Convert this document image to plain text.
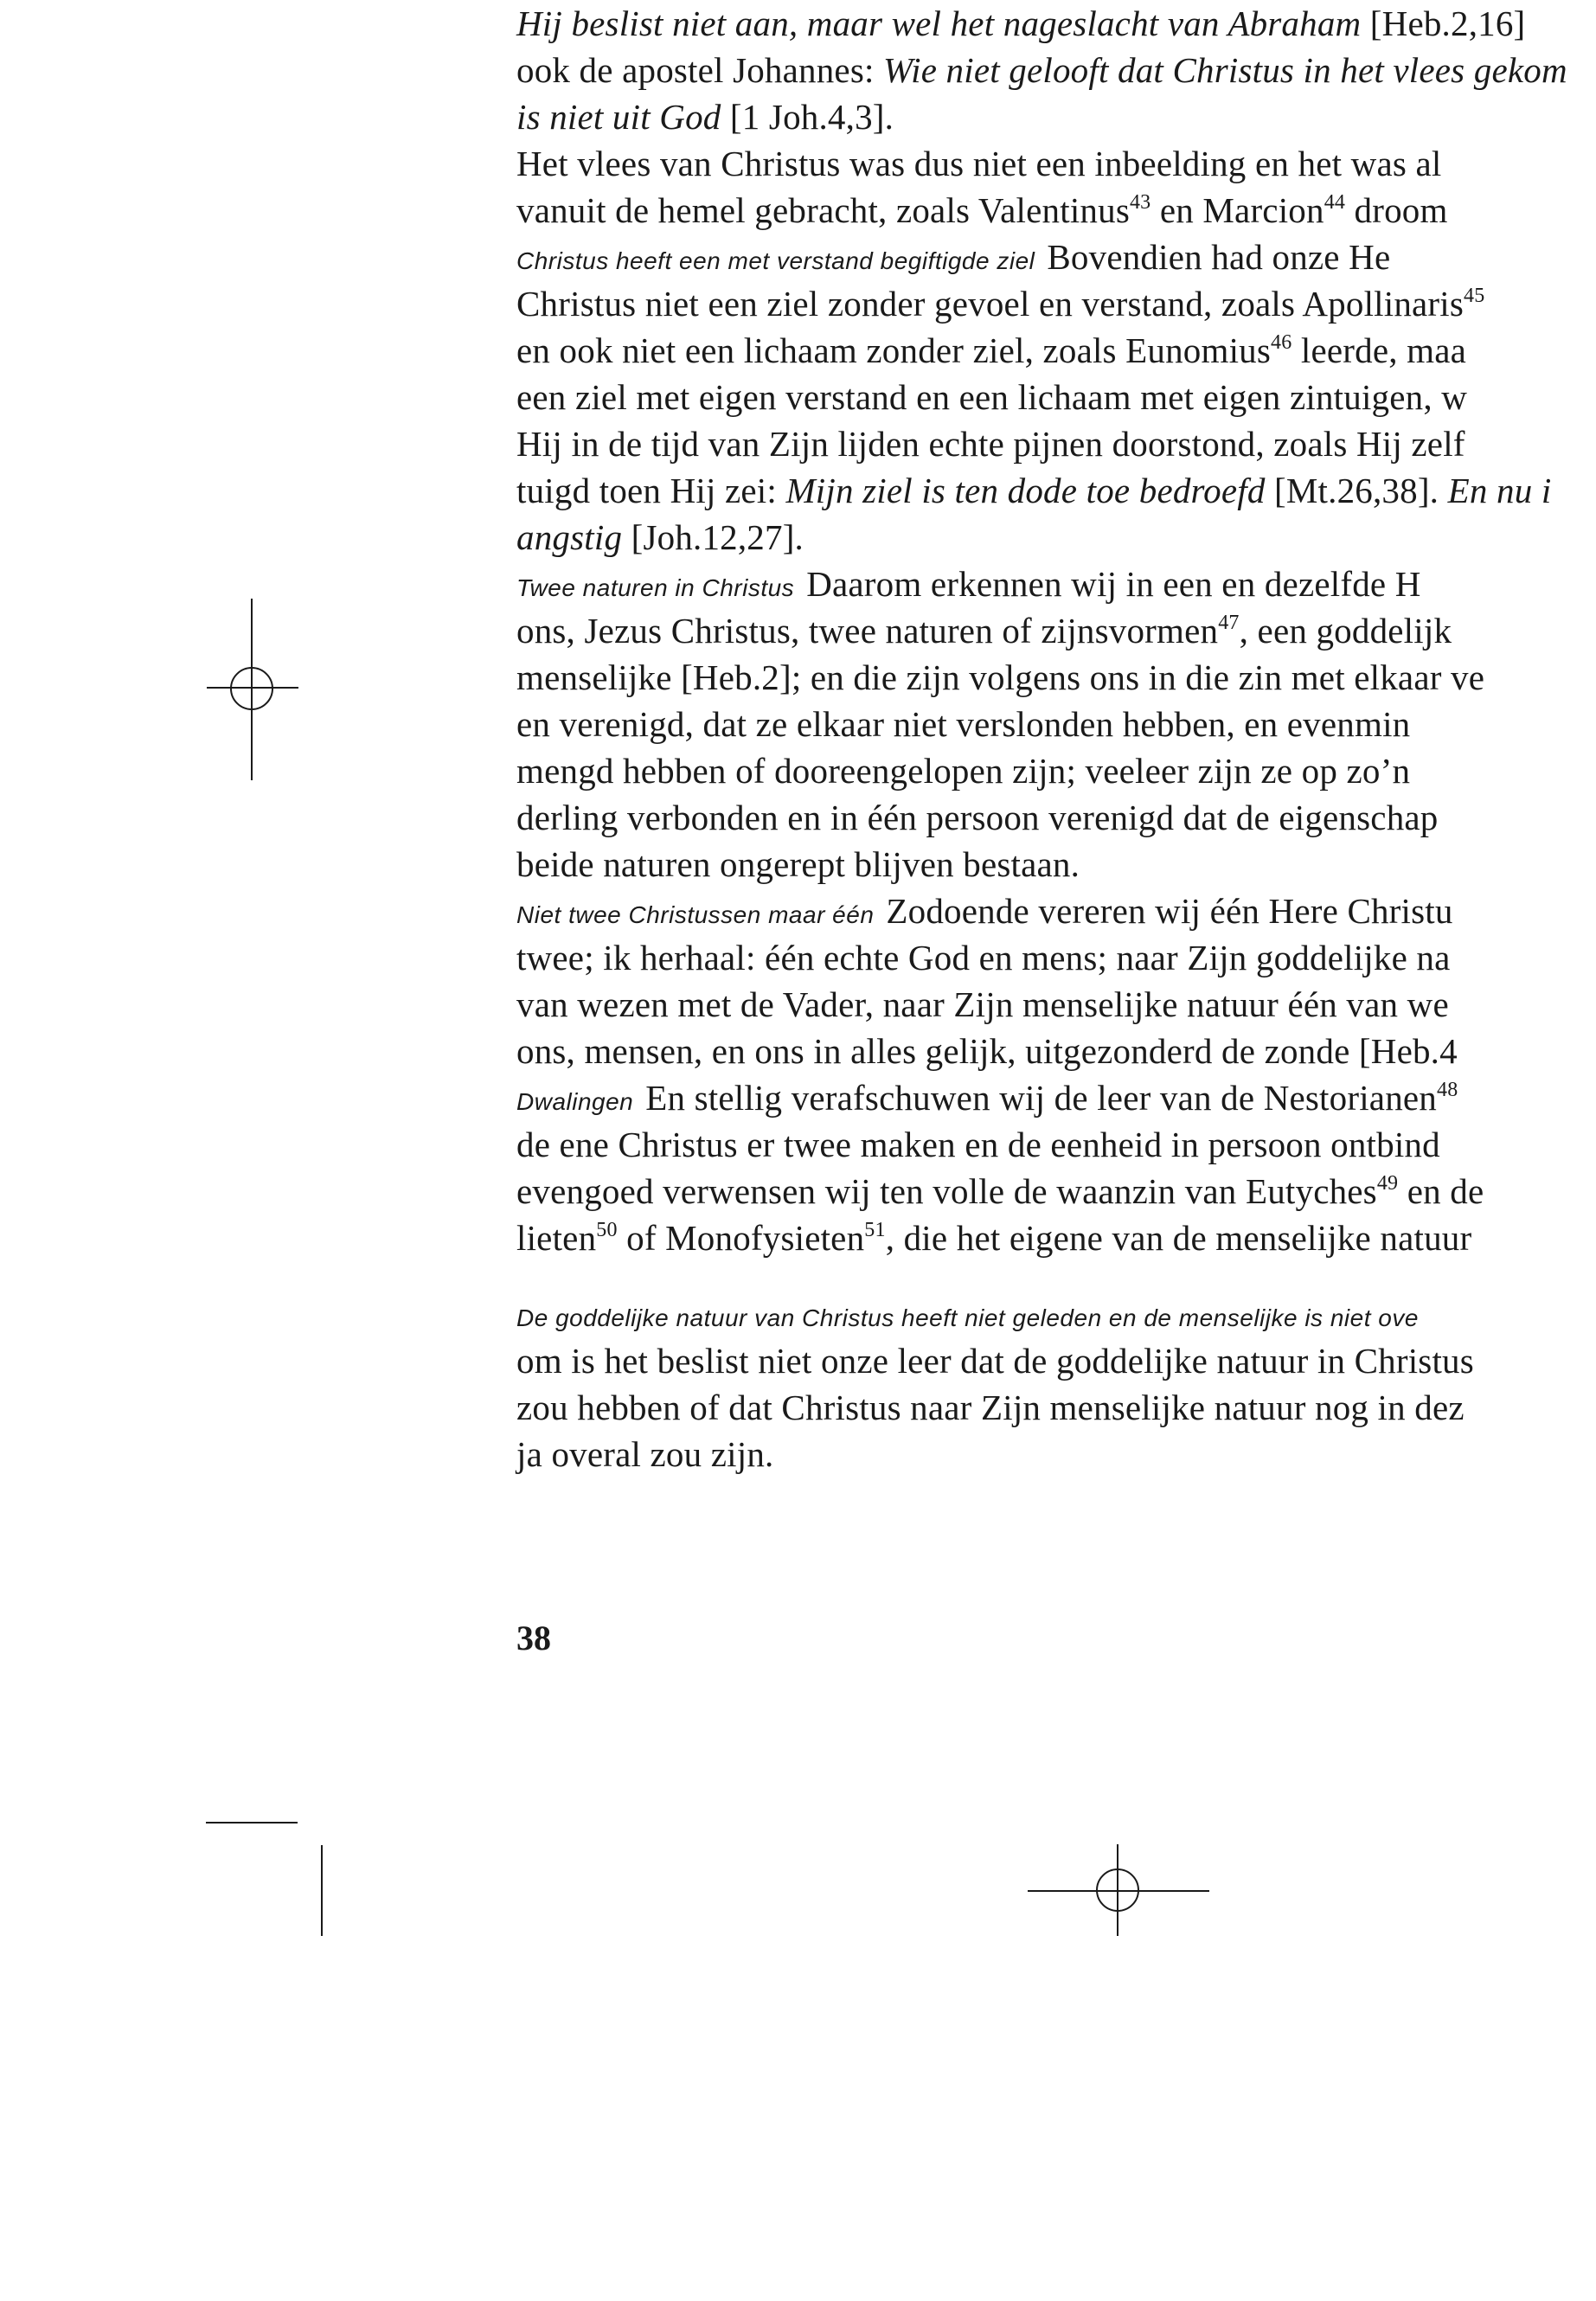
Hij beslist niet aan, maar wel het nageslacht van Abraham [Heb.2,16]
ook de apostel Johannes: Wie niet gelooft dat Christus in het vlees gekom
is niet uit God [1 Joh.4,3].
Het vlees van Christus was dus niet een inbeelding en het was al
vanuit de hemel gebracht, zoals Valentinus$^{43}$ en Marcion$^{44}$ droom
Christus heeft een met verstand begiftigde ziel Bovendien had onze He
Christus niet een ziel zonder gevoel en verstand, zoals Apollinaris$^{45}$
en ook niet een lichaam zonder ziel, zoals Eunomius$^{46}$ leerde, maa
een ziel met eigen verstand en een lichaam met eigen zintuigen, w
Hij in de tijd van Zijn lijden echte pijnen doorstond, zoals Hij zelf
tuigd toen Hij zei: Mijn ziel is ten dode toe bedroefd [Mt.26,38]. En nu i
angstig [Joh.12,27].
Twee naturen in Christus Daarom erkennen wij in een en dezelfde H
ons, Jezus Christus, twee naturen of zijnsvormen$^{47}$, een goddelijk
menselijke [Heb.2]; en die zijn volgens ons in die zin met elkaar ve
en verenigd, dat ze elkaar niet verslonden hebben, en evenmin
mengd hebben of dooreengelopen zijn; veeleer zijn ze op zo’n
derling verbonden en in één persoon verenigd dat de eigenschap
beide naturen ongerept blijven bestaan.
Niet twee Christussen maar één Zodoende vereren wij één Here Christu
twee; ik herhaal: één echte God en mens; naar Zijn goddelijke na
van wezen met de Vader, naar Zijn menselijke natuur één van we
ons, mensen, en ons in alles gelijk, uitgezonderd de zonde [Heb.4
Dwalingen En stellig verafschuwen wij de leer van de Nestorianen$^{48}$
de ene Christus er twee maken en de eenheid in persoon ontbind
evengoed verwensen wij ten volle de waanzin van Eutyches$^{49}$ en de
lieten$^{50}$ of Monofysieten$^{51}$, die het eigene van de menselijke natuur
De goddelijke natuur van Christus heeft niet geleden en de menselijke is niet ove
om is het beslist niet onze leer dat de goddelijke natuur in Christus
zou hebben of dat Christus naar Zijn menselijke natuur nog in dez
ja overal zou zijn.
38
